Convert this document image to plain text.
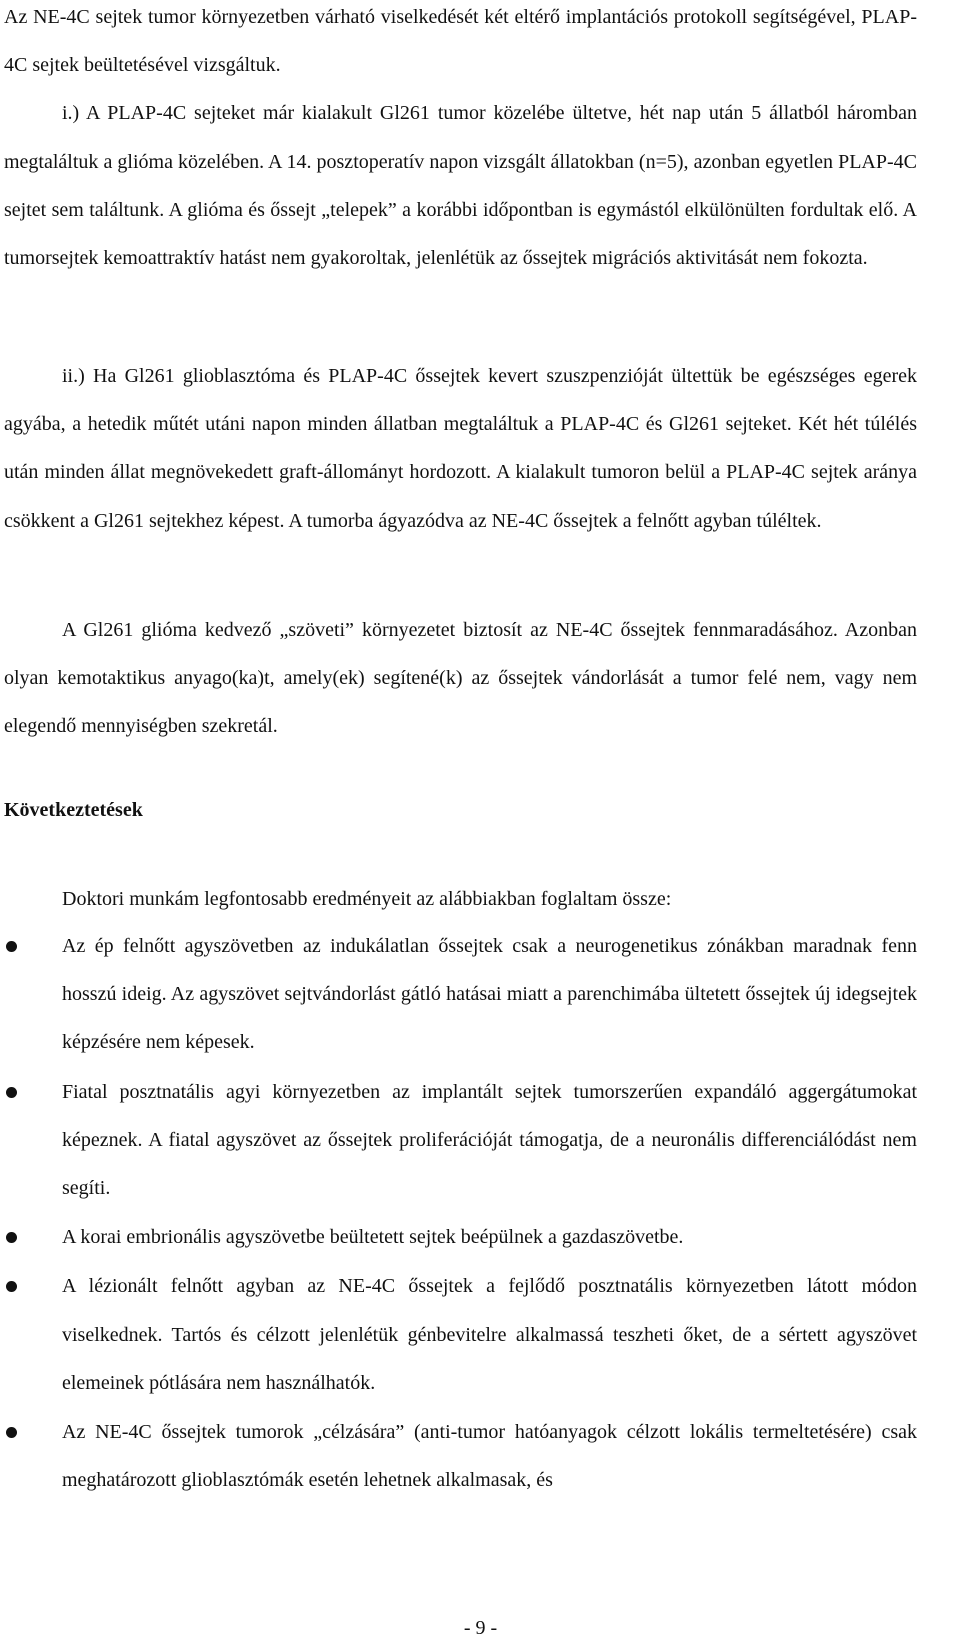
Az NE-4C sejtek tumor környezetben várható viselkedését két eltérő implantációs protokoll segítségével, PLAP-4C sejtek beültetésével vizsgáltuk.

i.) A PLAP-4C sejteket már kialakult Gl261 tumor közelébe ültetve, hét nap után 5 állatból háromban megtaláltuk a glióma közelében. A 14. posztoperatív napon vizsgált állatokban (n=5), azonban egyetlen PLAP-4C sejtet sem találtunk. A glióma és őssejt „telepek” a korábbi időpontban is egymástól elkülönülten fordultak elő. A tumorsejtek kemoattraktív hatást nem gyakoroltak, jelenlétük az őssejtek migrációs aktivitását nem fokozta.

ii.) Ha Gl261 glioblasztóma és PLAP-4C őssejtek kevert szuszpenzióját ültettük be egészséges egerek agyába, a hetedik műtét utáni napon minden állatban megtaláltuk a PLAP-4C és Gl261 sejteket. Két hét túlélés után minden állat megnövekedett graft-állományt hordozott. A kialakult tumoron belül a PLAP-4C sejtek aránya csökkent a Gl261 sejtekhez képest. A tumorba ágyazódva az NE-4C őssejtek a felnőtt agyban túléltek.

A Gl261 glióma kedvező „szöveti” környezetet biztosít az NE-4C őssejtek fennmaradásához. Azonban olyan kemotaktikus anyago(ka)t, amely(ek) segítené(k) az őssejtek vándorlását a tumor felé nem, vagy nem elegendő mennyiségben szekretál.

Következtetések

Doktori munkám legfontosabb eredményeit az alábbiakban foglaltam össze:

Az ép felnőtt agyszövetben az indukálatlan őssejtek csak a neurogenetikus zónákban maradnak fenn hosszú ideig. Az agyszövet sejtvándorlást gátló hatásai miatt a parenchimába ültetett őssejtek új idegsejtek képzésére nem képesek.

Fiatal posztnatális agyi környezetben az implantált sejtek tumorszerűen expandáló aggergátumokat képeznek. A fiatal agyszövet az őssejtek proliferációját támogatja, de a neuronális differenciálódást nem segíti.

A korai embrionális agyszövetbe beültetett sejtek beépülnek a gazdaszövetbe.

A lézionált felnőtt agyban az NE-4C őssejtek a fejlődő posztnatális környezetben látott módon viselkednek. Tartós és célzott jelenlétük génbevitelre alkalmassá teszheti őket, de a sértett agyszövet elemeinek pótlására nem használhatók.

Az NE-4C őssejtek tumorok „célzására” (anti-tumor hatóanyagok célzott lokális termeltetésére) csak meghatározott glioblasztómák esetén lehetnek alkalmasak, és

- 9 -
